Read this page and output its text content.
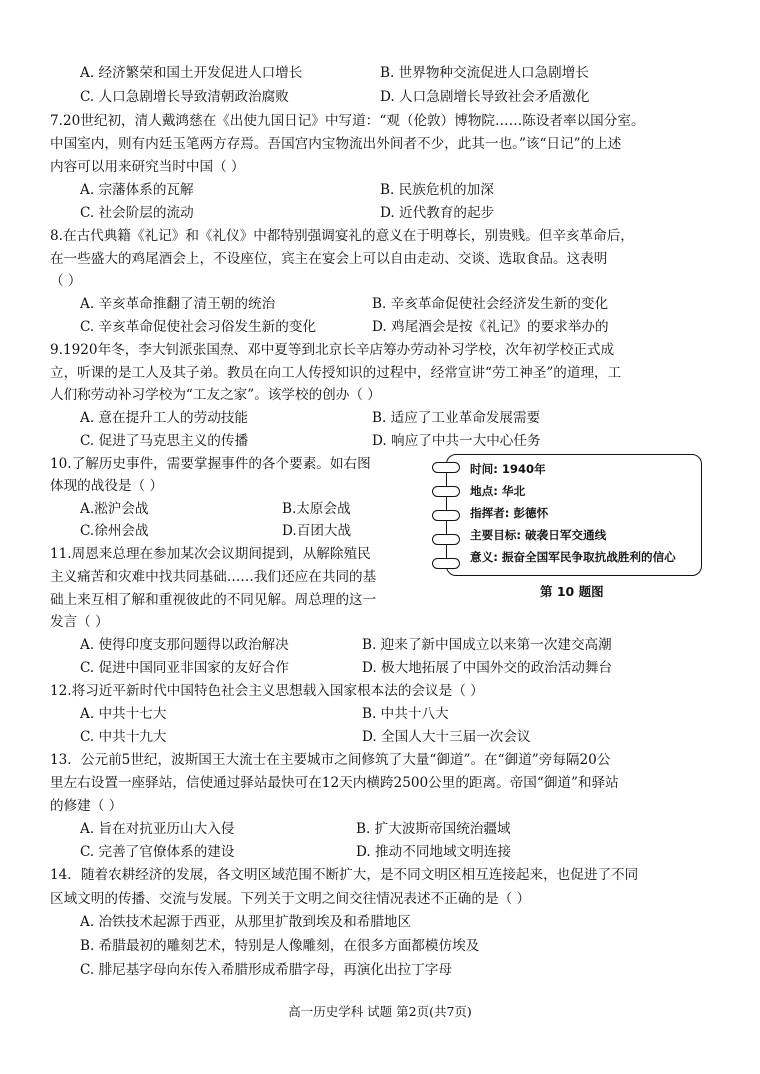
A. 经济繁荣和国土开发促进人口增长	B. 世界物种交流促进人口急剧增长
C. 人口急剧增长导致清朝政治腐败	D. 人口急剧增长导致社会矛盾激化
7.20世纪初，清人戴鸿慈在《出使九国日记》中写道：“观（伦敦）博物院……陈设者率以国分室。
中国室内，则有内廷玉笔两方存焉。吾国宫内宝物流出外间者不少，此其一也。”该“日记”的上述
内容可以用来研究当时中国（ ）
A. 宗藩体系的瓦解	B. 民族危机的加深
C. 社会阶层的流动	D. 近代教育的起步
8.在古代典籍《礼记》和《礼仪》中都特别强调宴礼的意义在于明尊长，别贵贱。但辛亥革命后，
在一些盛大的鸡尾酒会上，不设座位，宾主在宴会上可以自由走动、交谈、选取食品。这表明
（ ）
A. 辛亥革命推翻了清王朝的统治	B. 辛亥革命促使社会经济发生新的变化
C. 辛亥革命促使社会习俗发生新的变化	D. 鸡尾酒会是按《礼记》的要求举办的
9.1920年冬，李大钊派张国焘、邓中夏等到北京长辛店筹办劳动补习学校，次年初学校正式成
立，听课的是工人及其子弟。教员在向工人传授知识的过程中，经常宣讲“劳工神圣”的道理，工
人们称劳动补习学校为“工友之家”。该学校的创办（ ）
A. 意在提升工人的劳动技能	B. 适应了工业革命发展需要
C. 促进了马克思主义的传播	D. 响应了中共一大中心任务
10.了解历史事件，需要掌握事件的各个要素。如右图
体现的战役是（ ）
A.淞沪会战	B.太原会战
C.徐州会战	D.百团大战
时间: 1940年
地点: 华北
指挥者: 彭德怀
主要目标: 破袭日军交通线
意义: 振奋全国军民争取抗战胜利的信心
第 10 题图
11.周恩来总理在参加某次会议期间提到，从解除殖民
主义痛苦和灾难中找共同基础……我们还应在共同的基
础上来互相了解和重视彼此的不同见解。周总理的这一
发言（ ）
A. 使得印度支那问题得以政治解决	B. 迎来了新中国成立以来第一次建交高潮
C. 促进中国同亚非国家的友好合作	D. 极大地拓展了中国外交的政治活动舞台
12.将习近平新时代中国特色社会主义思想载入国家根本法的会议是（ ）
A. 中共十七大	B. 中共十八大
C. 中共十九大	D. 全国人大十三届一次会议
13．公元前5世纪，波斯国王大流士在主要城市之间修筑了大量“御道”。在“御道”旁每隔20公
里左右设置一座驿站，信使通过驿站最快可在12天内横跨2500公里的距离。帝国“御道”和驿站
的修建（ ）
A. 旨在对抗亚历山大入侵	B. 扩大波斯帝国统治疆域
C. 完善了官僚体系的建设	D. 推动不同地域文明连接
14．随着农耕经济的发展，各文明区域范围不断扩大，是不同文明区相互连接起来，也促进了不同
区域文明的传播、交流与发展。下列关于文明之间交往情况表述不正确的是（ ）
A. 冶铁技术起源于西亚，从那里扩散到埃及和希腊地区
B. 希腊最初的雕刻艺术，特别是人像雕刻，在很多方面都模仿埃及
C. 腓尼基字母向东传入希腊形成希腊字母，再演化出拉丁字母
高一历史学科 试题 第2页(共7页)
